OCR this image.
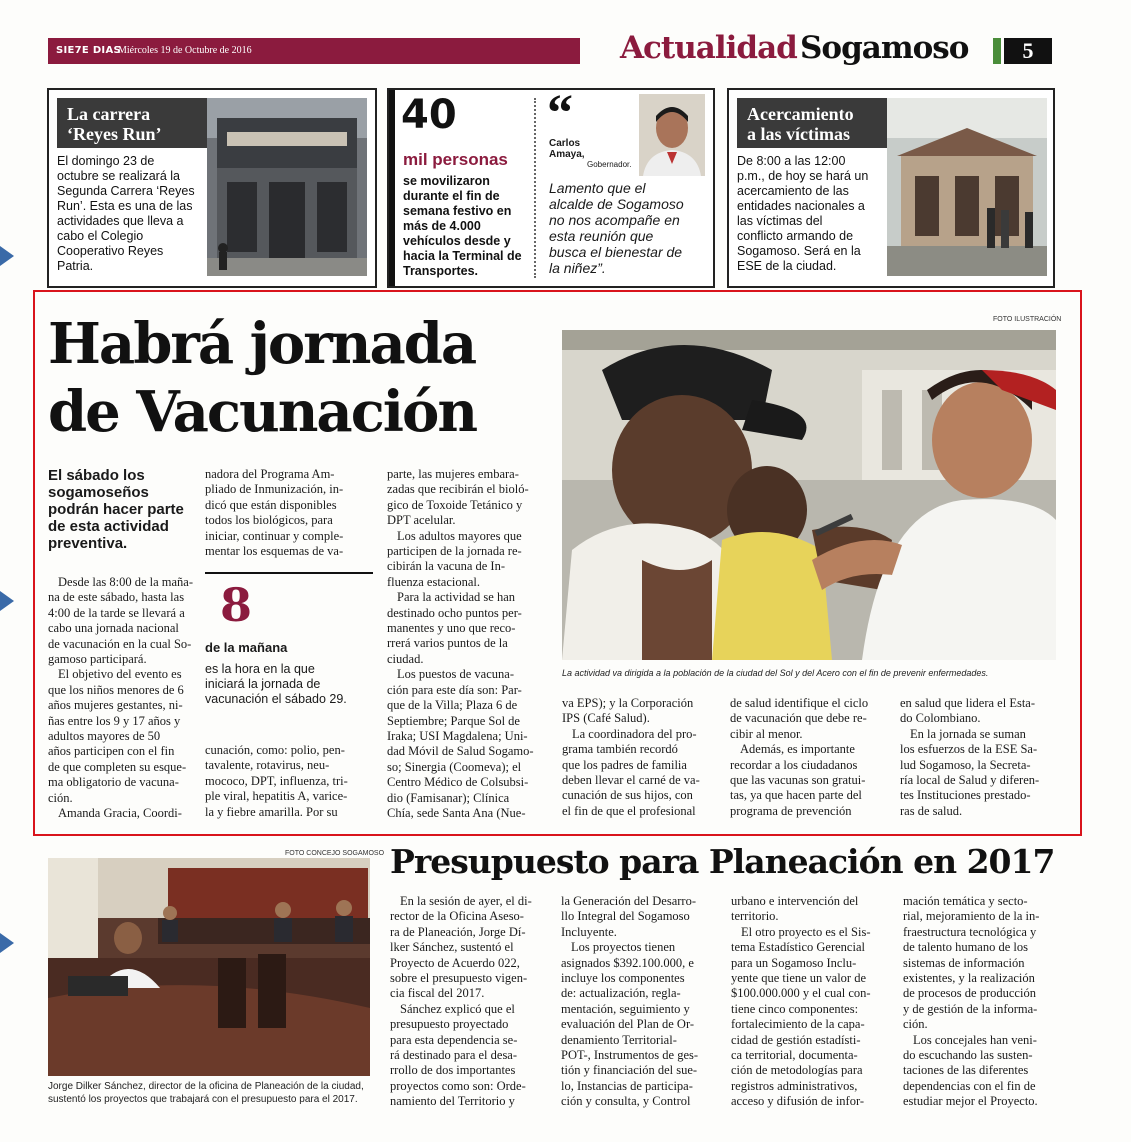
SIE7E DIAS
Miércoles 19 de Octubre de 2016	Actualidad Sogamoso	5
La carrera
‘Reyes Run’
El domingo 23 de
octubre se realizará la
Segunda Carrera ‘Reyes
Run’. Esta es una de las
actividades que lleva a
cabo el Colegio
Cooperativo Reyes
Patria.
40
mil personas
se movilizaron
durante el fin de
semana festivo en
más de 4.000
vehículos desde y
hacia la Terminal de
Transportes.
“
Carlos
Amaya,
Gobernador.
Lamento que el
alcalde de Sogamoso
no nos acompañe en
esta reunión que
busca el bienestar de
la niñez”.
Acercamiento
a las víctimas
De 8:00 a las 12:00
p.m., de hoy se hará un
acercamiento de las
entidades nacionales a
las víctimas del
conflicto armando de
Sogamoso. Será en la
ESE de la ciudad.
Habrá jornada
de Vacunación
El sábado los
sogamoseños
podrán hacer parte
de esta actividad
preventiva.
Desde las 8:00 de la maña-
na de este sábado, hasta las
4:00 de la tarde se llevará a
cabo una jornada nacional
de vacunación en la cual So-
gamoso participará.
El objetivo del evento es
que los niños menores de 6
años mujeres gestantes, ni-
ñas entre los 9 y 17 años y
adultos mayores de 50
años participen con el fin
de que completen su esque-
ma obligatorio de vacuna-
ción.
Amanda Gracia, Coordi-
nadora del Programa Am-
pliado de Inmunización, in-
dicó que están disponibles
todos los biológicos, para
iniciar, continuar y comple-
mentar los esquemas de va-
8
de la mañana
es la hora en la que
iniciará la jornada de
vacunación el sábado 29.
cunación, como: polio, pen-
tavalente, rotavirus, neu-
mococo, DPT, influenza, tri-
ple viral, hepatitis A, varice-
la y fiebre amarilla. Por su
parte, las mujeres embara-
zadas que recibirán el bioló-
gico de Toxoide Tetánico y
DPT acelular.
Los adultos mayores que
participen de la jornada re-
cibirán la vacuna de In-
fluenza estacional.
Para la actividad se han
destinado ocho puntos per-
manentes y uno que reco-
rrerá varios puntos de la
ciudad.
Los puestos de vacuna-
ción para este día son: Par-
que de la Villa; Plaza 6 de
Septiembre; Parque Sol de
Iraka; USI Magdalena; Uni-
dad Móvil de Salud Sogamo-
so; Sinergia (Coomeva); el
Centro Médico de Colsubsi-
dio (Famisanar); Clínica
Chía, sede Santa Ana (Nue-
FOTO ILUSTRACIÓN
La actividad va dirigida a la población de la ciudad del Sol y del Acero con el fin de prevenir enfermedades.
va EPS); y la Corporación
IPS (Café Salud).
La coordinadora del pro-
grama también recordó
que los padres de familia
deben llevar el carné de va-
cunación de sus hijos, con
el fin de que el profesional
de salud identifique el ciclo
de vacunación que debe re-
cibir al menor.
Además, es importante
recordar a los ciudadanos
que las vacunas son gratui-
tas, ya que hacen parte del
programa de prevención
en salud que lidera el Esta-
do Colombiano.
En la jornada se suman
los esfuerzos de la ESE Sa-
lud Sogamoso, la Secreta-
ría local de Salud y diferen-
tes Instituciones prestado-
ras de salud.
FOTO CONCEJO SOGAMOSO
Jorge Dilker Sánchez, director de la oficina de Planeación de la ciudad,
sustentó los proyectos que trabajará con el presupuesto para el 2017.
Presupuesto para Planeación en 2017
En la sesión de ayer, el di-
rector de la Oficina Aseso-
ra de Planeación, Jorge Dí-
lker Sánchez, sustentó el
Proyecto de Acuerdo 022,
sobre el presupuesto vigen-
cia fiscal del 2017.
Sánchez explicó que el
presupuesto proyectado
para esta dependencia se-
rá destinado para el desa-
rrollo de dos importantes
proyectos como son: Orde-
namiento del Territorio y
la Generación del Desarro-
llo Integral del Sogamoso
Incluyente.
Los proyectos tienen
asignados $392.100.000, e
incluye los componentes
de: actualización, regla-
mentación, seguimiento y
evaluación del Plan de Or-
denamiento Territorial-
POT-, Instrumentos de ges-
tión y financiación del sue-
lo, Instancias de participa-
ción y consulta, y Control
urbano e intervención del
territorio.
El otro proyecto es el Sis-
tema Estadístico Gerencial
para un Sogamoso Inclu-
yente que tiene un valor de
$100.000.000 y el cual con-
tiene cinco componentes:
fortalecimiento de la capa-
cidad de gestión estadísti-
ca territorial, documenta-
ción de metodologías para
registros administrativos,
acceso y difusión de infor-
mación temática y secto-
rial, mejoramiento de la in-
fraestructura tecnológica y
de talento humano de los
sistemas de información
existentes, y la realización
de procesos de producción
y de gestión de la informa-
ción.
Los concejales han veni-
do escuchando las susten-
taciones de las diferentes
dependencias con el fin de
estudiar mejor el Proyecto.
